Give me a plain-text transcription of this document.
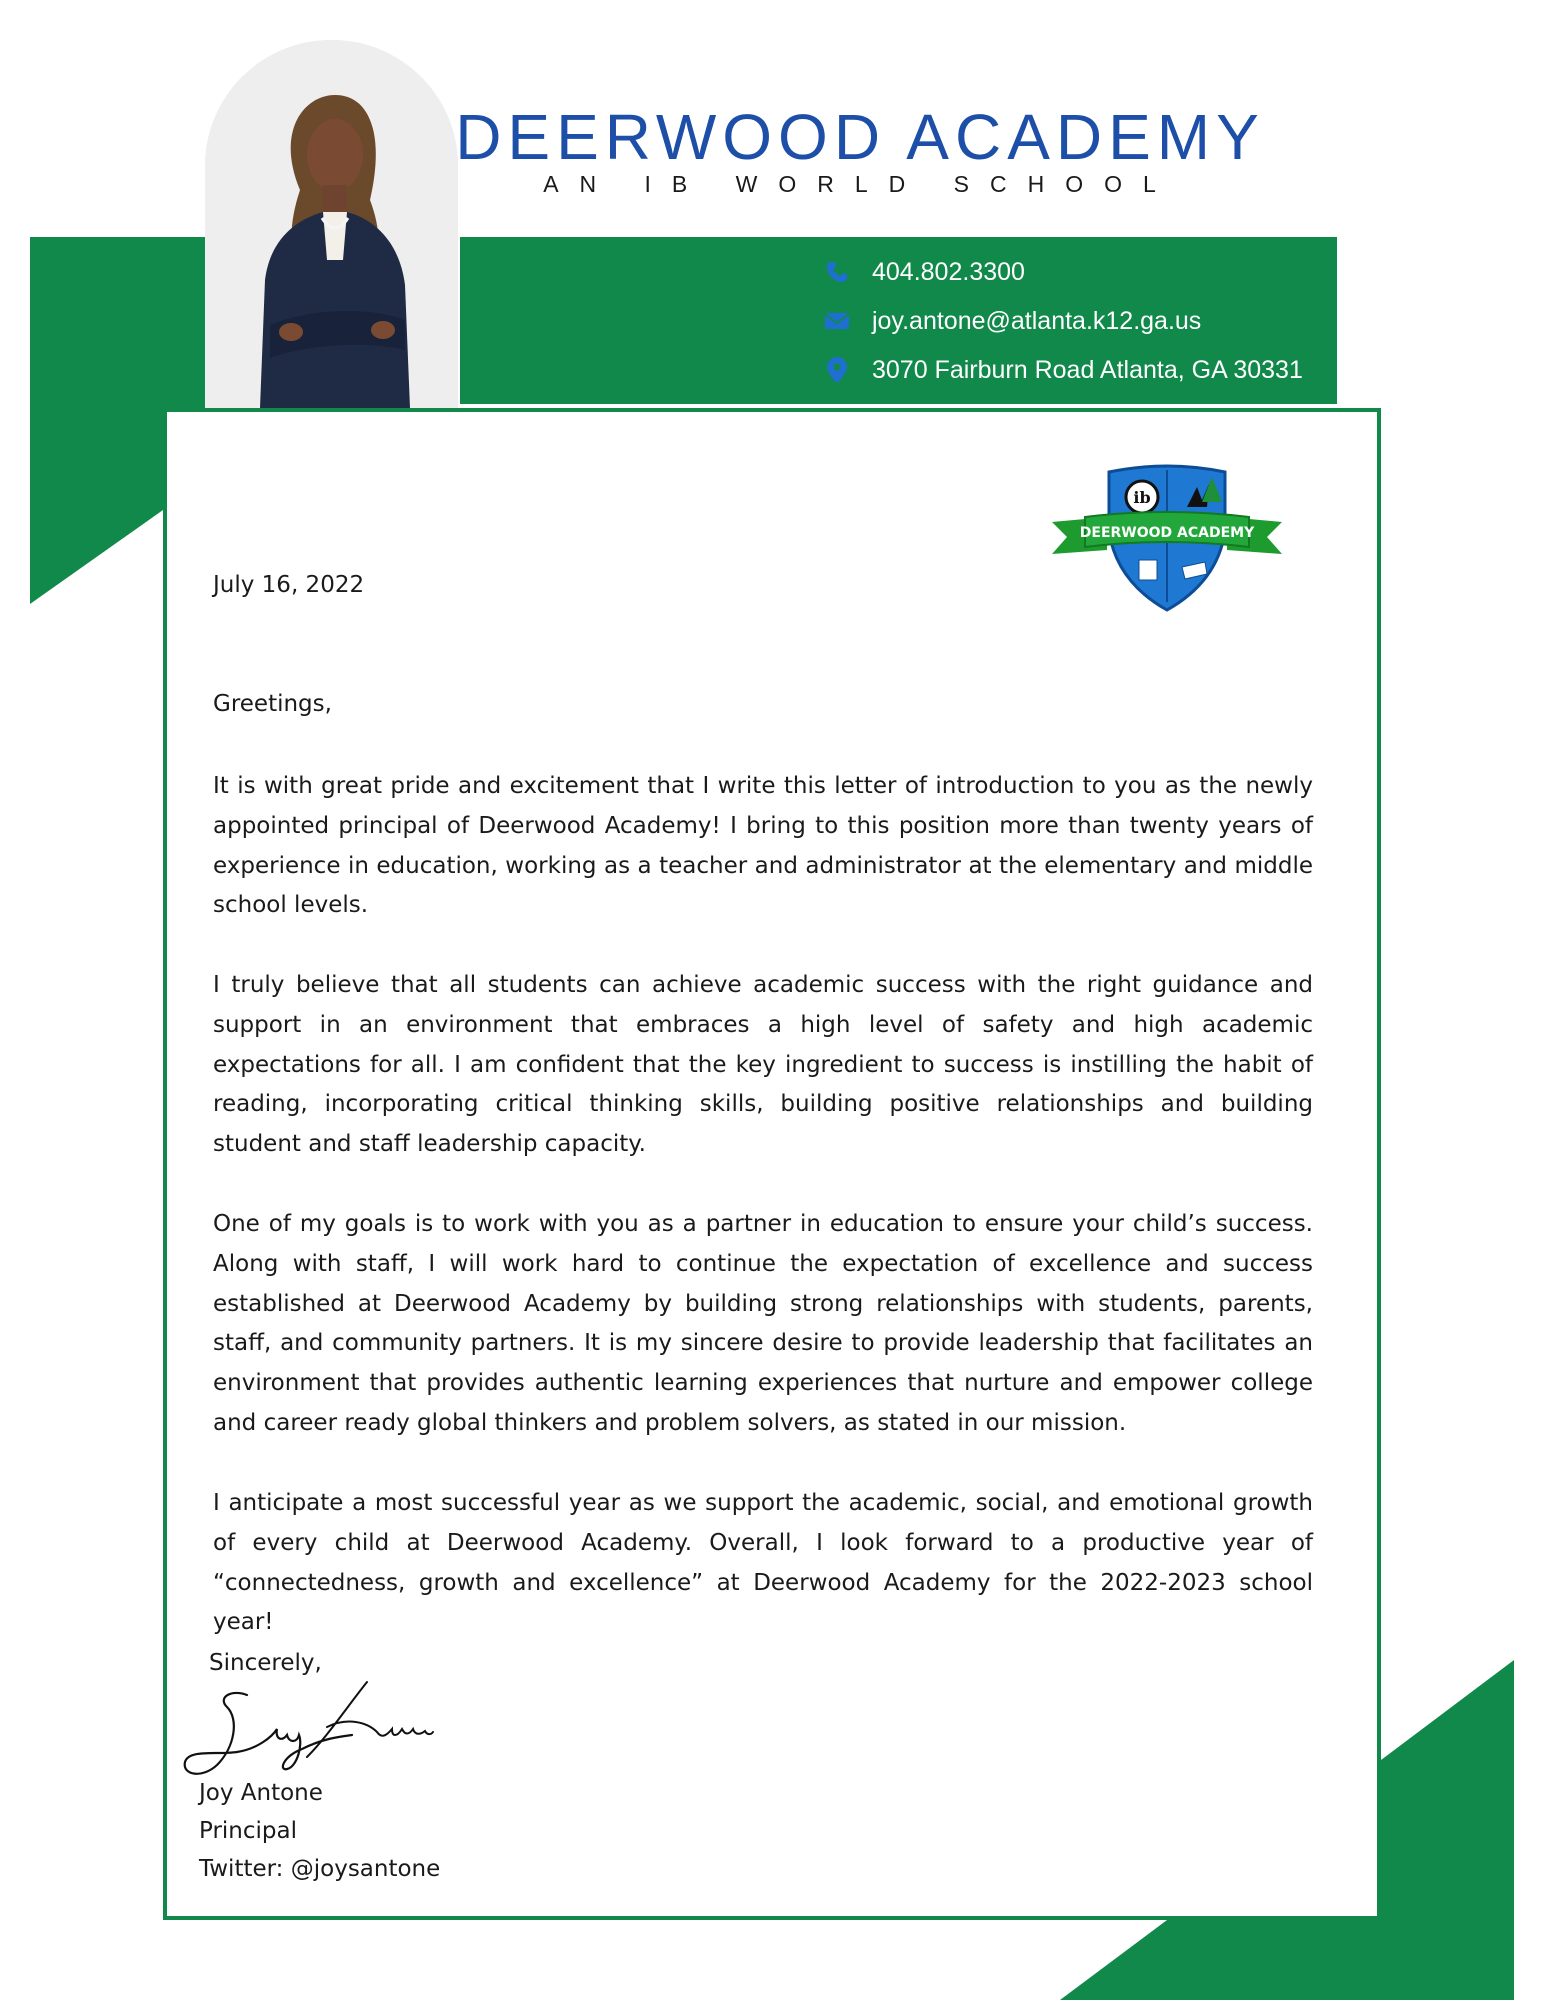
DEERWOOD ACADEMY
AN IB WORLD SCHOOL
404.802.3300
joy.antone@atlanta.k12.ga.us
3070 Fairburn Road Atlanta, GA 30331
ib
DEERWOOD ACADEMY
July 16, 2022
Greetings,

It is with great pride and excitement that I write this letter of introduction to you as the newly appointed principal of Deerwood Academy! I bring to this position more than twenty years of experience in education, working as a teacher and administrator at the elementary and middle school levels.

I truly believe that all students can achieve academic success with the right guidance and support in an environment that embraces a high level of safety and high academic expectations for all. I am confident that the key ingredient to success is instilling the habit of reading, incorporating critical thinking skills, building positive relationships and building student and staff leadership capacity.

One of my goals is to work with you as a partner in education to ensure your child’s success. Along with staff, I will work hard to continue the expectation of excellence and success established at Deerwood Academy by building strong relationships with students, parents, staff, and community partners. It is my sincere desire to provide leadership that facilitates an environment that provides authentic learning experiences that nurture and empower college and career ready global thinkers and problem solvers, as stated in our mission.

I anticipate a most successful year as we support the academic, social, and emotional growth of every child at Deerwood Academy. Overall, I look forward to a productive year of “connectedness, growth and excellence” at Deerwood Academy for the 2022-2023 school year!

Sincerely,
Joy Antone
Joy Antone
Principal
Twitter: @joysantone
